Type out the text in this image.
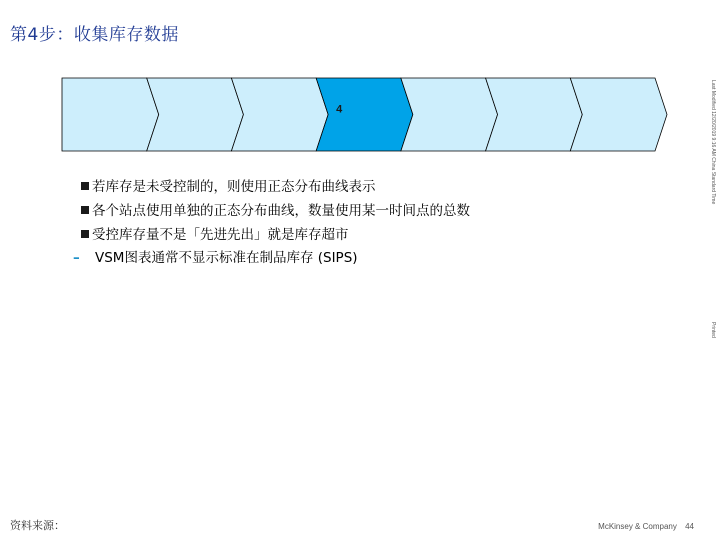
第4步：收集库存数据
4
若库存是未受控制的，则使用正态分布曲线表示
各个站点使用单独的正态分布曲线，数量使用某一时间点的总数
受控库存量不是「先进先出」就是库存超市
– VSM图表通常不显示标准在制品库存 (SIPS)
Last Modified 12/20/2019 9:16 AM China Standard Time
Printed
资料来源：	McKinsey & Company 44
